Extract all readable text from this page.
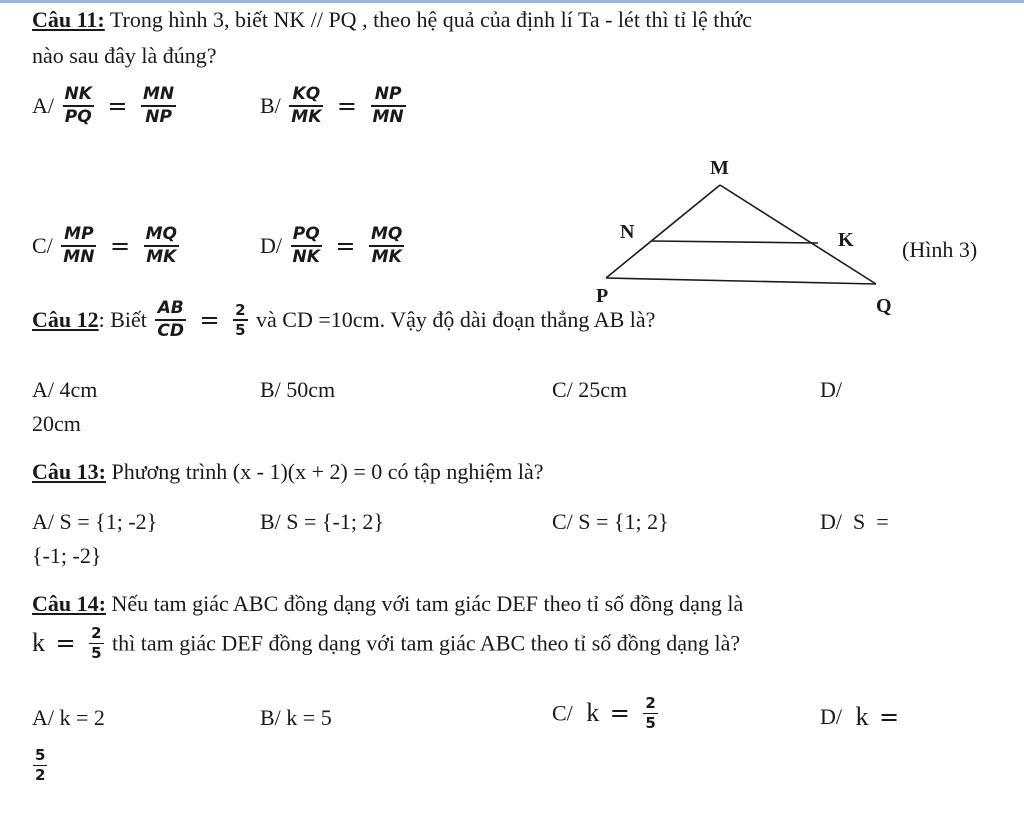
Câu 11: Trong hình 3, biết NK // PQ , theo hệ quả của định lí Ta - lét thì tỉ lệ thức
nào sau đây là đúng?
$A/ \frac{NK}{PQ} = \frac{MN}{NP}$	$B/ \frac{KQ}{MK} = \frac{NP}{MN}$
$C/ \frac{MP}{MN} = \frac{MQ}{MK}$	$D/ \frac{PQ}{NK} = \frac{MQ}{MK}$
M
N	K
P	Q
(Hình 3)
Câu 12: Biết $\frac{AB}{CD} = \frac{2}{5}$ và CD =10cm. Vậy độ dài đoạn thẳng AB là?
A/ 4cm	B/ 50cm	C/ 25cm	D/
20cm
Câu 13: Phương trình (x - 1)(x + 2) = 0 có tập nghiệm là?
A/ S = {1; -2}	B/ S = {-1; 2}	C/ S = {1; 2}	D/  S  =
{-1; -2}
Câu 14: Nếu tam giác ABC đồng dạng với tam giác DEF theo tỉ số đồng dạng là
$k = \frac{2}{5}$ thì tam giác DEF đồng dạng với tam giác ABC theo tỉ số đồng dạng là?
A/ k = 2	B/ k = 5	C/ $k = \frac{2}{5}$	D/ k =
$\frac{5}{2}$
